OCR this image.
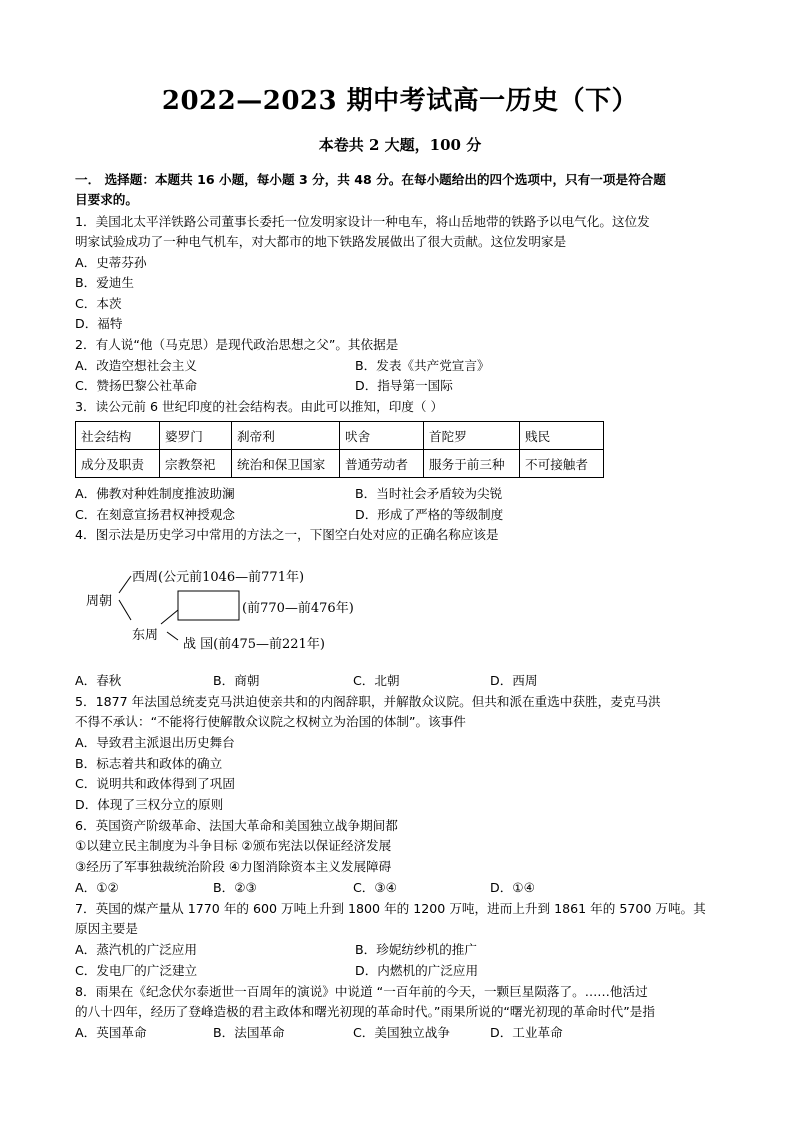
2022—2023 期中考试高一历史（下）
本卷共 2 大题，100 分
一． 选择题：本题共 16 小题，每小题 3 分，共 48 分。在每小题给出的四个选项中，只有一项是符合题
目要求的。
1．美国北太平洋铁路公司董事长委托一位发明家设计一种电车，将山岳地带的铁路予以电气化。这位发
明家试验成功了一种电气机车，对大都市的地下铁路发展做出了很大贡献。这位发明家是
A．史蒂芬孙
B．爱迪生
C．本茨
D．福特
2．有人说“他（马克思）是现代政治思想之父”。其依据是
A．改造空想社会主义	B．发表《共产党宣言》
C．赞扬巴黎公社革命	D．指导第一国际
3．读公元前 6 世纪印度的社会结构表。由此可以推知，印度（ ）
社会结构	婆罗门	刹帝利	吠舍	首陀罗	贱民
成分及职责	宗教祭祀	统治和保卫国家	普通劳动者	服务于前三种	不可接触者
A．佛教对种姓制度推波助澜	B．当时社会矛盾较为尖锐
C．在刻意宣扬君权神授观念	D．形成了严格的等级制度
4．图示法是历史学习中常用的方法之一，下图空白处对应的正确名称应该是
周朝
西周(公元前1046—前771年)
(前770—前476年)
东周
战 国(前475—前221年)
A．春秋	B．商朝	C．北朝	D．西周
5．1877 年法国总统麦克马洪迫使亲共和的内阁辞职，并解散众议院。但共和派在重选中获胜，麦克马洪
不得不承认：“不能将行使解散众议院之权树立为治国的体制”。该事件
A．导致君主派退出历史舞台
B．标志着共和政体的确立
C．说明共和政体得到了巩固
D．体现了三权分立的原则
6．英国资产阶级革命、法国大革命和美国独立战争期间都
①以建立民主制度为斗争目标 ②颁布宪法以保证经济发展
③经历了军事独裁统治阶段 ④力图消除资本主义发展障碍
A．①②	B．②③	C．③④	D．①④
7．英国的煤产量从 1770 年的 600 万吨上升到 1800 年的 1200 万吨，进而上升到 1861 年的 5700 万吨。其
原因主要是
A．蒸汽机的广泛应用	B．珍妮纺纱机的推广
C．发电厂的广泛建立	D．内燃机的广泛应用
8．雨果在《纪念伏尔泰逝世一百周年的演说》中说道 “一百年前的今天，一颗巨星陨落了。……他活过
的八十四年，经历了登峰造极的君主政体和曙光初现的革命时代。”雨果所说的“曙光初现的革命时代”是指
A．英国革命	B．法国革命	C．美国独立战争	D．工业革命
